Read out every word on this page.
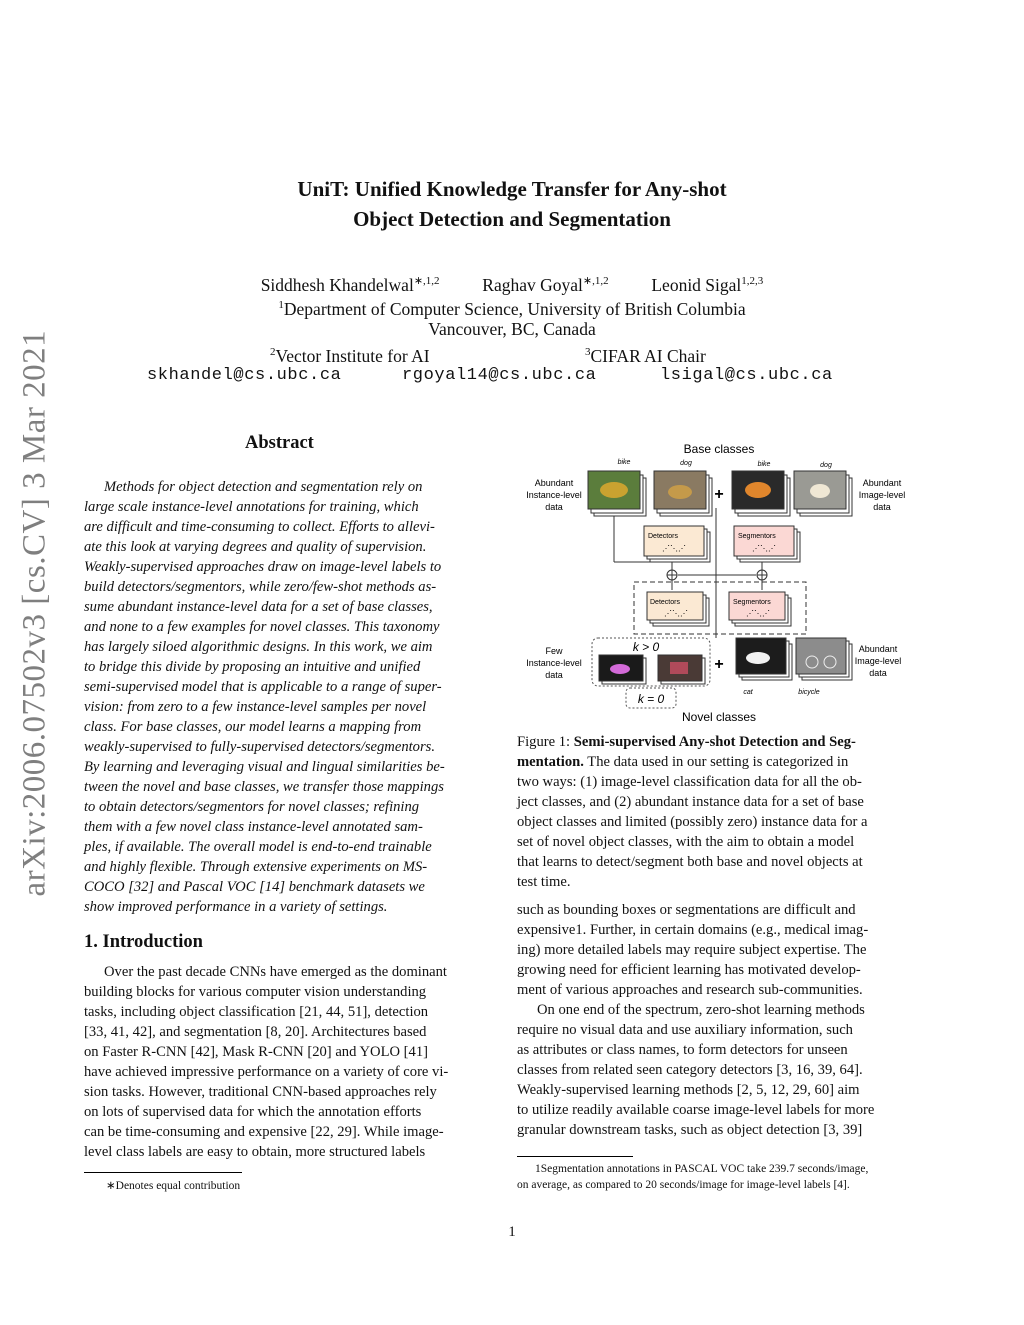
arXiv:2006.07502v3 [cs.CV] 3 Mar 2021
UniT: Unified Knowledge Transfer for Any-shot
Object Detection and Segmentation
Siddhesh Khandelwal$^{∗,1,2}$ Raghav Goyal$^{∗,1,2}$ Leonid Sigal$^{1,2,3}$
$^1$Department of Computer Science, University of British Columbia
Vancouver, BC, Canada
$^2$Vector Institute for AI	$^3$CIFAR AI Chair
skhandel@cs.ubc.ca	rgoyal14@cs.ubc.ca	lsigal@cs.ubc.ca
Abstract

Methods for object detection and segmentation rely on

large scale instance-level annotations for training, which

are difficult and time-consuming to collect. Efforts to allevi-

ate this look at varying degrees and quality of supervision.

Weakly-supervised approaches draw on image-level labels to

build detectors/segmentors, while zero/few-shot methods as-

sume abundant instance-level data for a set of base classes,

and none to a few examples for novel classes. This taxonomy

has largely siloed algorithmic designs. In this work, we aim

to bridge this divide by proposing an intuitive and unified

semi-supervised model that is applicable to a range of super-

vision: from zero to a few instance-level samples per novel

class. For base classes, our model learns a mapping from

weakly-supervised to fully-supervised detectors/segmentors.

By learning and leveraging visual and lingual similarities be-

tween the novel and base classes, we transfer those mappings

to obtain detectors/segmentors for novel classes; refining

them with a few novel class instance-level annotated sam-

ples, if available. The overall model is end-to-end trainable

and highly flexible. Through extensive experiments on MS-

COCO [32] and Pascal VOC [14] benchmark datasets we

show improved performance in a variety of settings.

1. Introduction

Over the past decade CNNs have emerged as the dominant

building blocks for various computer vision understanding

tasks, including object classification [21, 44, 51], detection

[33, 41, 42], and segmentation [8, 20]. Architectures based

on Faster R-CNN [42], Mask R-CNN [20] and YOLO [41]

have achieved impressive performance on a variety of core vi-

sion tasks. However, traditional CNN-based approaches rely

on lots of supervised data for which the annotation efforts

can be time-consuming and expensive [22, 29]. While image-

level class labels are easy to obtain, more structured labels

∗Denotes equal contribution
Base classes
Novel classes
Abundant
Instance-level
data
Abundant
Image-level
data
Few
Instance-level
data
Abundant
Image-level
data
bike	dog	bike	dog
cat	bicycle
+
Detectors
⋰⋱⋰
Segmentors
⋰⋱⋰
Detectors
⋰⋱⋰
Segmentors
⋰⋱⋰
k > 0
k = 0
+

Figure 1: Semi-supervised Any-shot Detection and Seg-

mentation. The data used in our setting is categorized in

two ways: (1) image-level classification data for all the ob-

ject classes, and (2) abundant instance data for a set of base

object classes and limited (possibly zero) instance data for a

set of novel object classes, with the aim to obtain a model

that learns to detect/segment both base and novel objects at

test time.

such as bounding boxes or segmentations are difficult and

expensive1. Further, in certain domains (e.g., medical imag-

ing) more detailed labels may require subject expertise. The

growing need for efficient learning has motivated develop-

ment of various approaches and research sub-communities.

On one end of the spectrum, zero-shot learning methods

require no visual data and use auxiliary information, such

as attributes or class names, to form detectors for unseen

classes from related seen category detectors [3, 16, 39, 64].

Weakly-supervised learning methods [2, 5, 12, 29, 60] aim

to utilize readily available coarse image-level labels for more

granular downstream tasks, such as object detection [3, 39]

1Segmentation annotations in PASCAL VOC take 239.7 seconds/image,
on average, as compared to 20 seconds/image for image-level labels [4].
1
